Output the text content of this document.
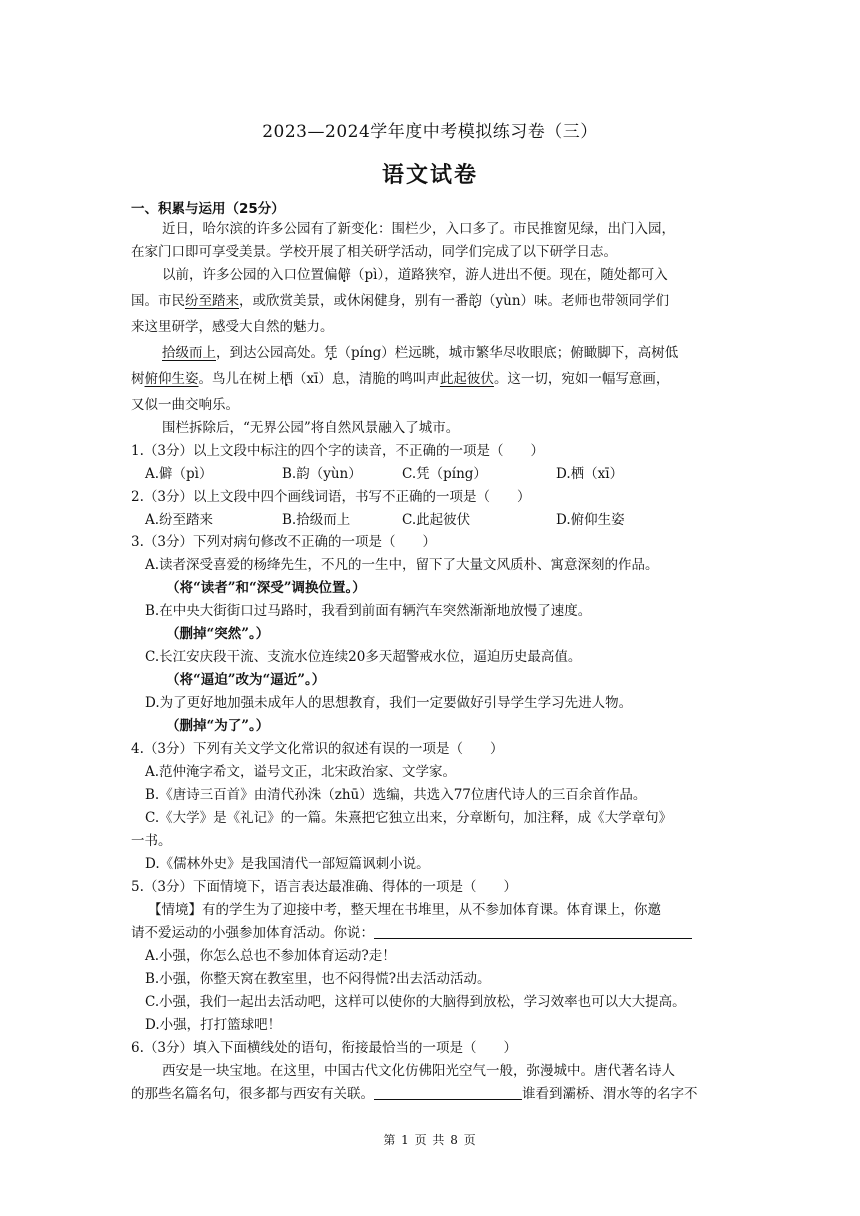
2023—2024学年度中考模拟练习卷（三）
语文试卷
一、积累与运用（25分）
近日，哈尔滨的许多公园有了新变化：围栏少，入口多了。市民推窗见绿，出门入园，
在家门口即可享受美景。学校开展了相关研学活动，同学们完成了以下研学日志。
以前，许多公园的入口位置偏僻（pì），道路狭窄，游人进出不便。现在，随处都可入
国。市民纷至踏来，或欣赏美景，或休闲健身，别有一番韵（yùn）味。老师也带领同学们
来这里研学，感受大自然的魅力。
拾级而上，到达公园高处。凭（píng）栏远眺，城市繁华尽收眼底；俯瞰脚下，高树低
树俯仰生姿。鸟儿在树上栖（xī）息，清脆的鸣叫声此起彼伏。这一切，宛如一幅写意画，
又似一曲交响乐。
围栏拆除后，“无界公园”将自然风景融入了城市。
1.（3分）以上文段中标注的四个字的读音，不正确的一项是（　　）
A.僻（pì）	B.韵（yùn）	C.凭（píng）	D.栖（xī）
2.（3分）以上文段中四个画线词语，书写不正确的一项是（　　）
A.纷至踏来	B.拾级而上	C.此起彼伏	D.俯仰生姿
3.（3分）下列对病句修改不正确的一项是（　　）
A.读者深受喜爱的杨绛先生，不凡的一生中，留下了大量文风质朴、寓意深刻的作品。
（将“读者”和“深受”调换位置。）
B.在中央大街街口过马路时，我看到前面有辆汽车突然渐渐地放慢了速度。
（删掉“突然”。）
C.长江安庆段干流、支流水位连续20多天超警戒水位，逼迫历史最高值。
（将“逼迫”改为“逼近”。）
D.为了更好地加强未成年人的思想教育，我们一定要做好引导学生学习先进人物。
（删掉“为了”。）
4.（3分）下列有关文学文化常识的叙述有误的一项是（　　）
A.范仲淹字希文，谥号文正，北宋政治家、文学家。
B.《唐诗三百首》由清代孙洙（zhū）选编，共选入77位唐代诗人的三百余首作品。
C.《大学》是《礼记》的一篇。朱熹把它独立出来，分章断句，加注释，成《大学章句》
一书。
D.《儒林外史》是我国清代一部短篇讽刺小说。
5.（3分）下面情境下，语言表达最准确、得体的一项是（　　）
【情境】有的学生为了迎接中考，整天埋在书堆里，从不参加体育课。体育课上，你邀
请不爱运动的小强参加体育活动。你说：
A.小强，你怎么总也不参加体育运动?走！
B.小强，你整天窝在教室里，也不闷得慌?出去活动活动。
C.小强，我们一起出去活动吧，这样可以使你的大脑得到放松，学习效率也可以大大提高。
D.小强，打打篮球吧！
6.（3分）填入下面横线处的语句，衔接最恰当的一项是（　　）
西安是一块宝地。在这里，中国古代文化仿佛阳光空气一般，弥漫城中。唐代著名诗人
的那些名篇名句，很多都与西安有关联。	谁看到灞桥、渭水等的名字不
第 1 页 共 8 页
